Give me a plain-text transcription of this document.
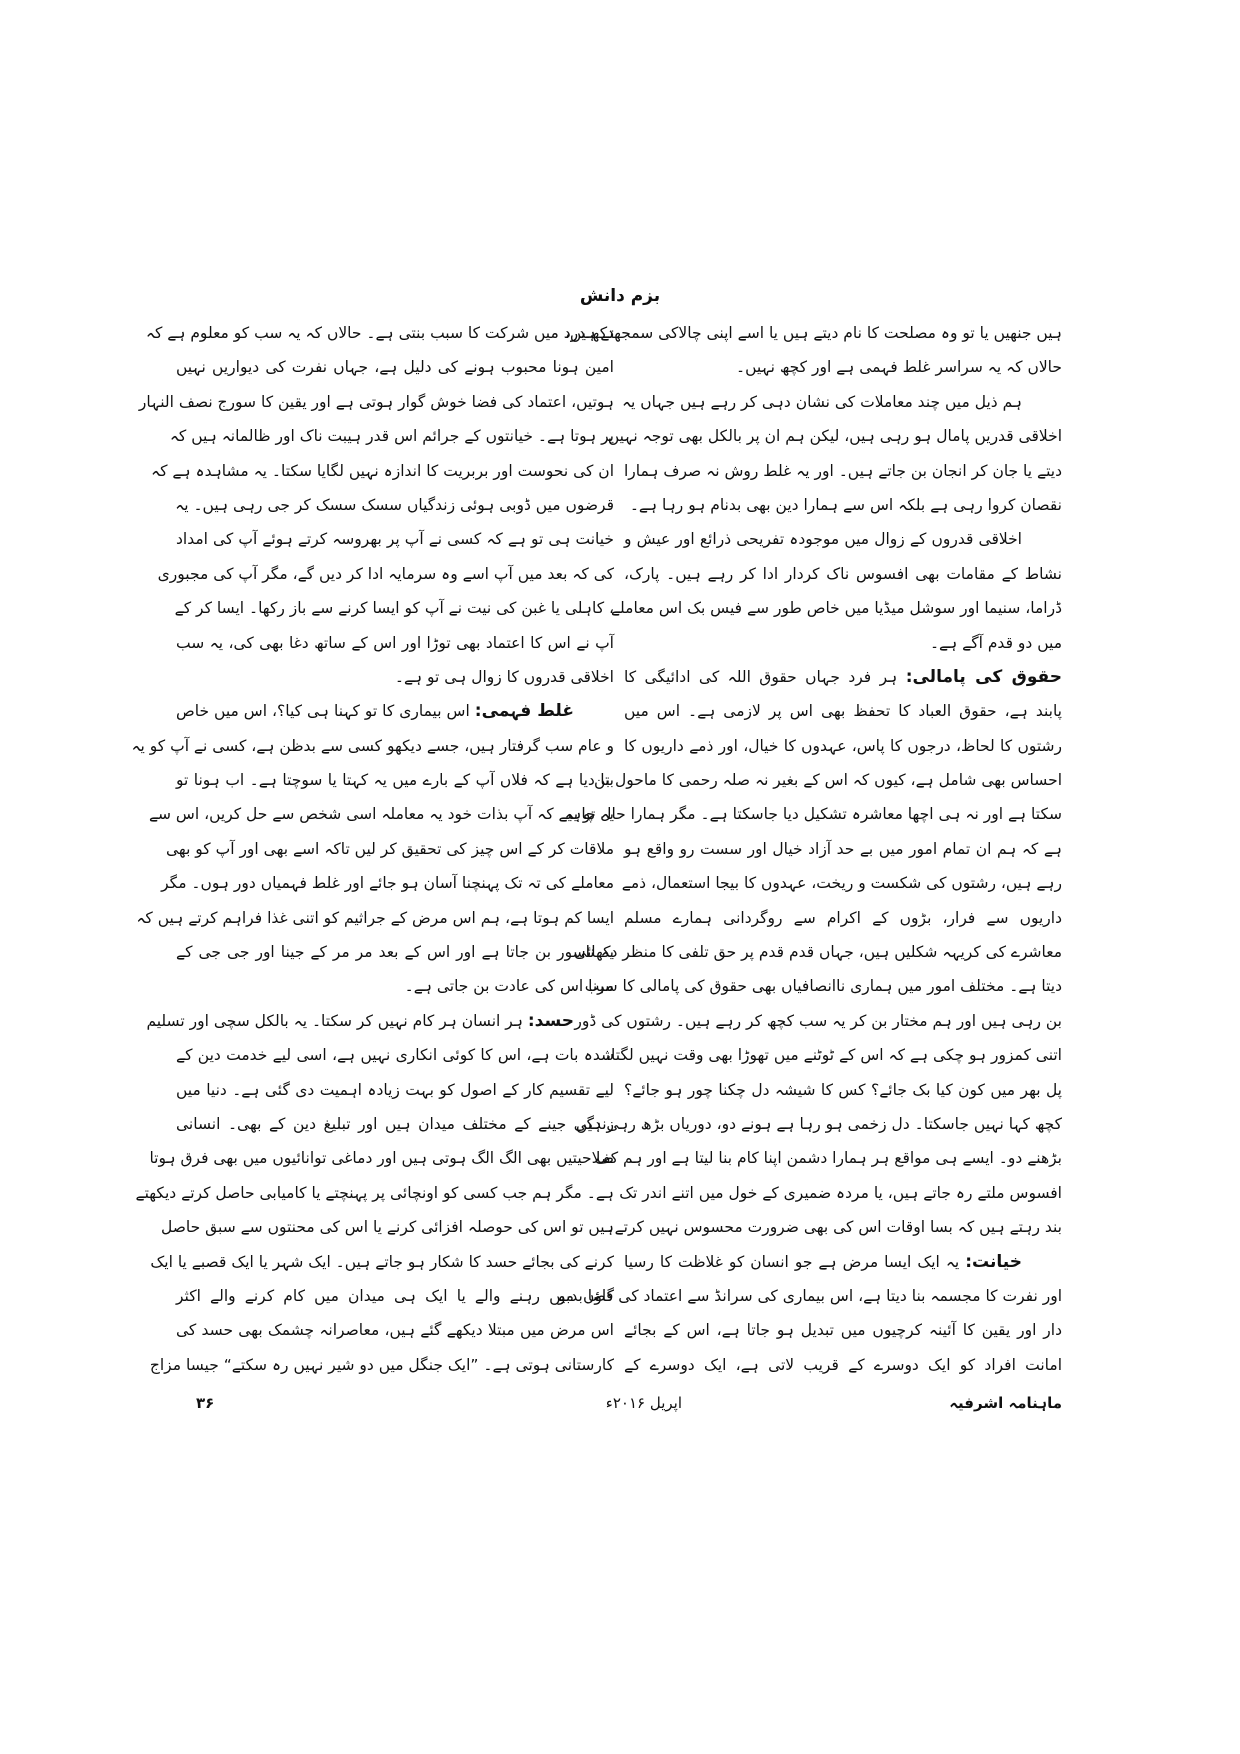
بزم دانش
ہیں جنھیں یا تو وہ مصلحت کا نام دیتے ہیں یا اسے اپنی چالاکی سمجھتے ہیں،
حالاں کہ یہ سراسر غلط فہمی ہے اور کچھ نہیں۔
ہم ذیل میں چند معاملات کی نشان دہی کر رہے ہیں جہاں یہ
اخلاقی قدریں پامال ہو رہی ہیں، لیکن ہم ان پر بالکل بھی توجہ نہیں
دیتے یا جان کر انجان بن جاتے ہیں۔ اور یہ غلط روش نہ صرف ہمارا
نقصان کروا رہی ہے بلکہ اس سے ہمارا دین بھی بدنام ہو رہا ہے۔
اخلاقی قدروں کے زوال میں موجودہ تفریحی ذرائع اور عیش و
نشاط کے مقامات بھی افسوس ناک کردار ادا کر رہے ہیں۔ پارک،
ڈراما، سنیما اور سوشل میڈیا میں خاص طور سے فیس بک اس معاملے
میں دو قدم آگے ہے۔
حقوق کی پامالی: ہر فرد جہاں حقوق اللہ کی ادائیگی کا
پابند ہے، حقوق العباد کا تحفظ بھی اس پر لازمی ہے۔ اس میں
رشتوں کا لحاظ، درجوں کا پاس، عہدوں کا خیال، اور ذمے داریوں کا
احساس بھی شامل ہے، کیوں کہ اس کے بغیر نہ صلہ رحمی کا ماحول بن
سکتا ہے اور نہ ہی اچھا معاشرہ تشکیل دیا جاسکتا ہے۔ مگر ہمارا حال تو یہ
ہے کہ ہم ان تمام امور میں بے حد آزاد خیال اور سست رو واقع ہو
رہے ہیں، رشتوں کی شکست و ریخت، عہدوں کا بیجا استعمال، ذمے
داریوں سے فرار، بڑوں کے اکرام سے روگردانی ہمارے مسلم
معاشرے کی کریہہ شکلیں ہیں، جہاں قدم قدم پر حق تلفی کا منظر دکھائی
دیتا ہے۔ مختلف امور میں ہماری ناانصافیاں بھی حقوق کی پامالی کا سبب
بن رہی ہیں اور ہم مختار بن کر یہ سب کچھ کر رہے ہیں۔ رشتوں کی ڈور
اتنی کمزور ہو چکی ہے کہ اس کے ٹوٹنے میں تھوڑا بھی وقت نہیں لگتا،
پل بھر میں کون کیا بک جائے؟ کس کا شیشہ دل چکنا چور ہو جائے؟
کچھ کہا نہیں جاسکتا۔ دل زخمی ہو رہا ہے ہونے دو، دوریاں بڑھ رہی ہیں
بڑھنے دو۔ ایسے ہی مواقع ہر ہمارا دشمن اپنا کام بنا لیتا ہے اور ہم کف
افسوس ملتے رہ جاتے ہیں، یا مردہ ضمیری کے خول میں اتنے اندر تک
بند رہتے ہیں کہ بسا اوقات اس کی بھی ضرورت محسوس نہیں کرتے۔
خیانت: یہ ایک ایسا مرض ہے جو انسان کو غلاظت کا رسیا
اور نفرت کا مجسمہ بنا دیتا ہے، اس بیماری کی سرانڈ سے اعتماد کی فضا بدبو
دار اور یقین کا آئینہ کرچیوں میں تبدیل ہو جاتا ہے، اس کے بجائے
امانت افراد کو ایک دوسرے کے قریب لاتی ہے، ایک دوسرے کے
دکھ درد میں شرکت کا سبب بنتی ہے۔ حالاں کہ یہ سب کو معلوم ہے کہ
امین ہونا محبوب ہونے کی دلیل ہے، جہاں نفرت کی دیواریں نہیں
ہوتیں، اعتماد کی فضا خوش گوار ہوتی ہے اور یقین کا سورج نصف النہار
پر ہوتا ہے۔ خیانتوں کے جرائم اس قدر ہیبت ناک اور ظالمانہ ہیں کہ
ان کی نحوست اور بربریت کا اندازہ نہیں لگایا سکتا۔ یہ مشاہدہ ہے کہ
قرضوں میں ڈوبی ہوئی زندگیاں سسک سسک کر جی رہی ہیں۔ یہ
خیانت ہی تو ہے کہ کسی نے آپ پر بھروسہ کرتے ہوئے آپ کی امداد
کی کہ بعد میں آپ اسے وہ سرمایہ ادا کر دیں گے، مگر آپ کی مجبوری
، کاہلی یا غبن کی نیت نے آپ کو ایسا کرنے سے باز رکھا۔ ایسا کر کے
آپ نے اس کا اعتماد بھی توڑا اور اس کے ساتھ دغا بھی کی، یہ سب
اخلاقی قدروں کا زوال ہی تو ہے۔
غلط فہمی: اس بیماری کا تو کہنا ہی کیا؟، اس میں خاص
و عام سب گرفتار ہیں، جسے دیکھو کسی سے بدظن ہے، کسی نے آپ کو یہ
بتا دیا ہے کہ فلاں آپ کے بارے میں یہ کہتا یا سوچتا ہے۔ اب ہونا تو
یہ چاہیے کہ آپ بذات خود یہ معاملہ اسی شخص سے حل کریں، اس سے
ملاقات کر کے اس چیز کی تحقیق کر لیں تاکہ اسے بھی اور آپ کو بھی
معاملے کی تہ تک پہنچنا آسان ہو جائے اور غلط فہمیاں دور ہوں۔ مگر
ایسا کم ہوتا ہے، ہم اس مرض کے جراثیم کو اتنی غذا فراہم کرتے ہیں کہ
یہ ناسور بن جاتا ہے اور اس کے بعد مر مر کے جینا اور جی جی کے
مرنا اس کی عادت بن جاتی ہے۔
حسد: ہر انسان ہر کام نہیں کر سکتا۔ یہ بالکل سچی اور تسلیم
شدہ بات ہے، اس کا کوئی انکاری نہیں ہے، اسی لیے خدمت دین کے
لیے تقسیم کار کے اصول کو بہت زیادہ اہمیت دی گئی ہے۔ دنیا میں
زندگی جینے کے مختلف میدان ہیں اور تبلیغ دین کے بھی۔ انسانی
صلاحیتیں بھی الگ الگ ہوتی ہیں اور دماغی توانائیوں میں بھی فرق ہوتا
ہے۔ مگر ہم جب کسی کو اونچائی پر پہنچتے یا کامیابی حاصل کرتے دیکھتے
ہیں تو اس کی حوصلہ افزائی کرنے یا اس کی محنتوں سے سبق حاصل
کرنے کی بجائے حسد کا شکار ہو جاتے ہیں۔ ایک شہر یا ایک قصبے یا ایک
گاؤں میں رہنے والے یا ایک ہی میدان میں کام کرنے والے اکثر
اس مرض میں مبتلا دیکھے گئے ہیں، معاصرانہ چشمک بھی حسد کی
کارستانی ہوتی ہے۔ ”ایک جنگل میں دو شیر نہیں رہ سکتے“ جیسا مزاج
ماہنامہ اشرفیہ
اپریل ۲۰۱۶ء
۳۶
